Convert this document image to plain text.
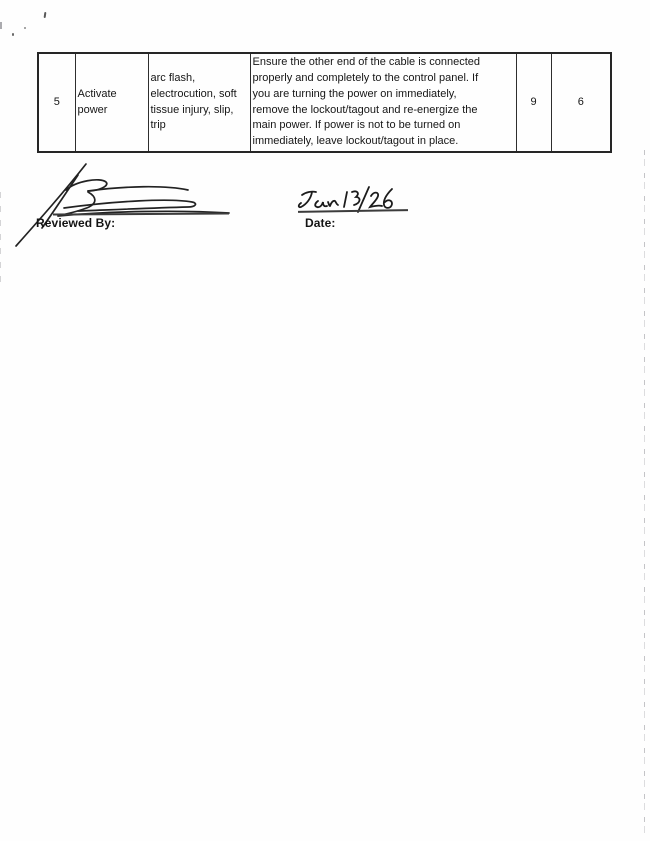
5	Activate
power	arc flash,
electrocution, soft
tissue injury, slip,
trip	Ensure the other end of the cable is connected
properly and completely to the control panel. If
you are turning the power on immediately,
remove the lockout/tagout and re-energize the
main power. If power is not to be turned on
immediately, leave lockout/tagout in place.	9	6
Reviewed By:	Date:
